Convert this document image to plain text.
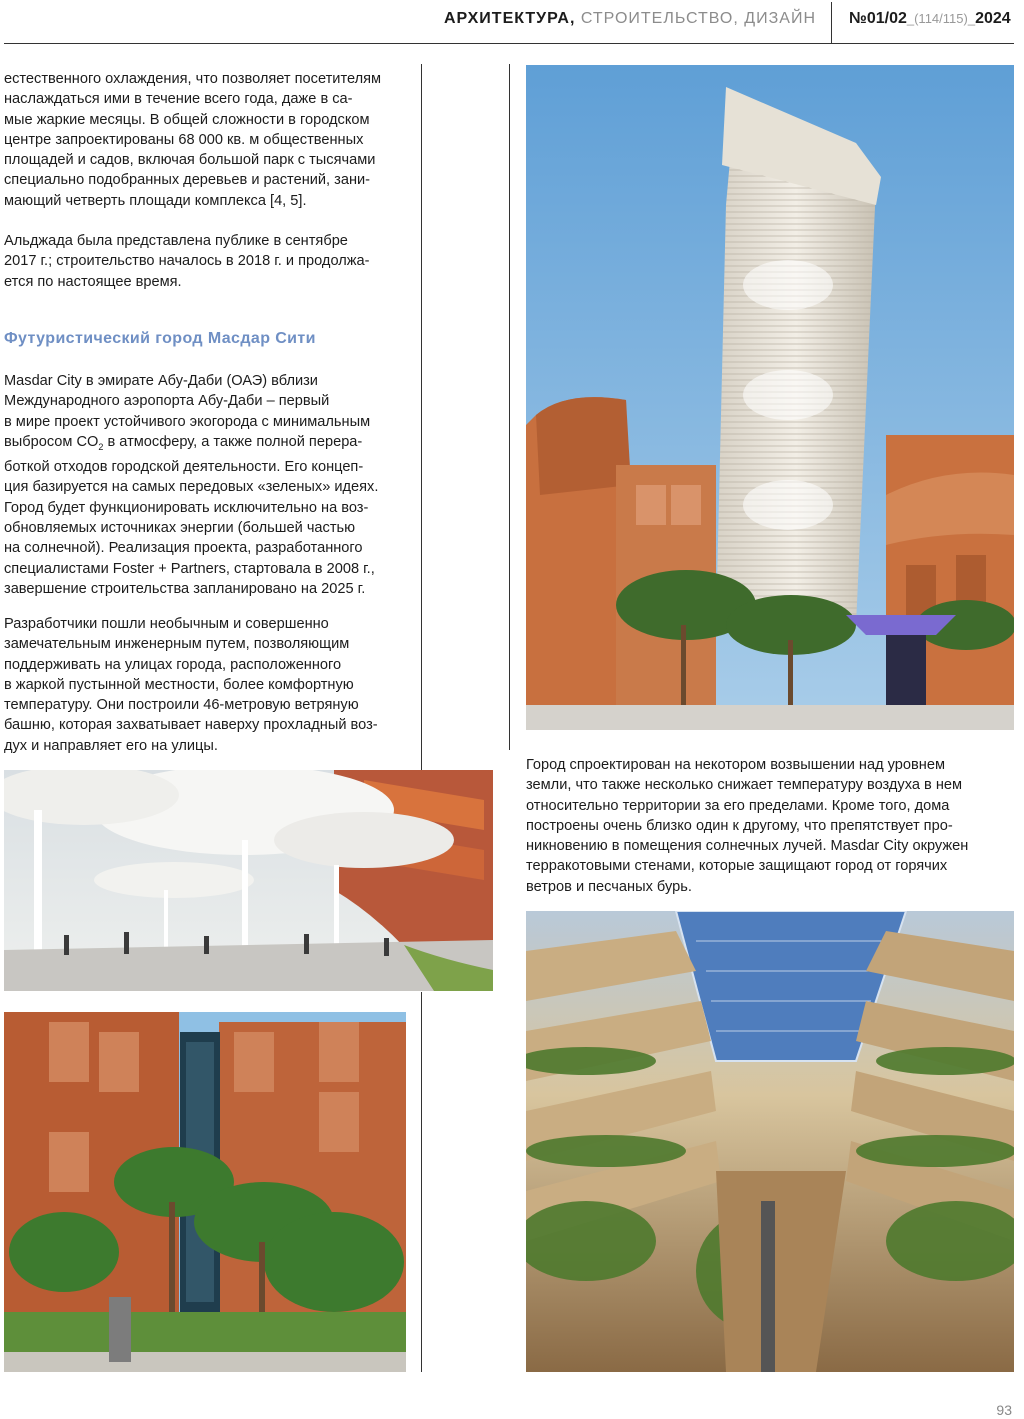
АРХИТЕКТУРА, СТРОИТЕЛЬСТВО, ДИЗАЙН №01/02_(114/115)_2024

естественного охлаждения, что позволяет посетителям

наслаждаться ими в течение всего года, даже в са-

мые жаркие месяцы. В общей сложности в городском

центре запроектированы 68 000 кв. м общественных

площадей и садов, включая большой парк с тысячами

специально подобранных деревьев и растений, зани-

мающий четверть площади комплекса [4, 5].

Альджада была представлена публике в сентябре

2017 г.; строительство началось в 2018 г. и продолжа-

ется по настоящее время.

Футуристический город Масдар Сити

Masdar City в эмирате Абу-Даби (ОАЭ) вблизи

Международного аэропорта Абу-Даби – первый

в мире проект устойчивого экогорода с минимальным

выбросом $CO_2$ в атмосферу, а также полной перера-

боткой отходов городской деятельности. Его концеп-

ция базируется на самых передовых «зеленых» идеях.

Город будет функционировать исключительно на воз-

обновляемых источниках энергии (большей частью

на солнечной). Реализация проекта, разработанного

специалистами Foster + Partners, стартовала в 2008 г.,

завершение строительства запланировано на 2025 г.

Разработчики пошли необычным и совершенно

замечательным инженерным путем, позволяющим

поддерживать на улицах города, расположенного

в жаркой пустынной местности, более комфортную

температуру. Они построили 46-метровую ветряную

башню, которая захватывает наверху прохладный воз-

дух и направляет его на улицы.

Город спроектирован на некотором возвышении над уровнем

земли, что также несколько снижает температуру воздуха в нем

относительно территории за его пределами. Кроме того, дома

построены очень близко один к другому, что препятствует про-

никновению в помещения солнечных лучей. Masdar City окружен

терракотовыми стенами, которые защищают город от горячих

ветров и песчаных бурь.

93
